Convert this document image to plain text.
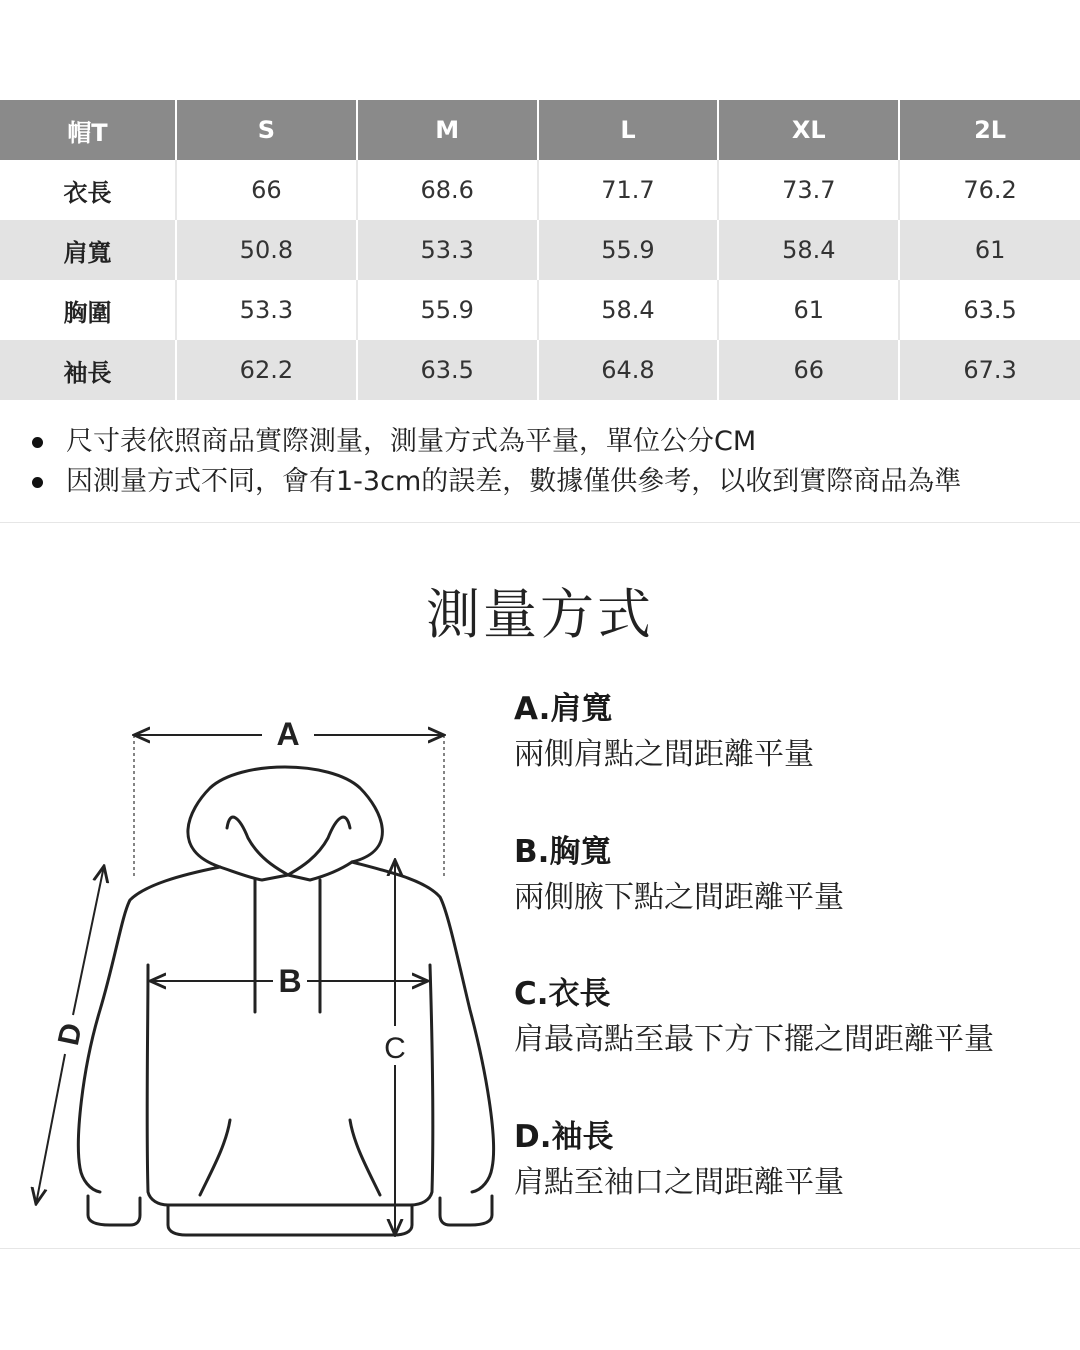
帽T	S	M	L	XL	2L
衣長	66	68.6	71.7	73.7	76.2
肩寬	50.8	53.3	55.9	58.4	61
胸圍	53.3	55.9	58.4	61	63.5
袖長	62.2	63.5	64.8	66	67.3
尺寸表依照商品實際測量，測量方式為平量，單位公分CM
因測量方式不同，會有1-3cm的誤差，數據僅供參考，以收到實際商品為準
測量方式
A
B
C
D
A.肩寬
兩側肩點之間距離平量
B.胸寬
兩側腋下點之間距離平量
C.衣長
肩最高點至最下方下擺之間距離平量
D.袖長
肩點至袖口之間距離平量
